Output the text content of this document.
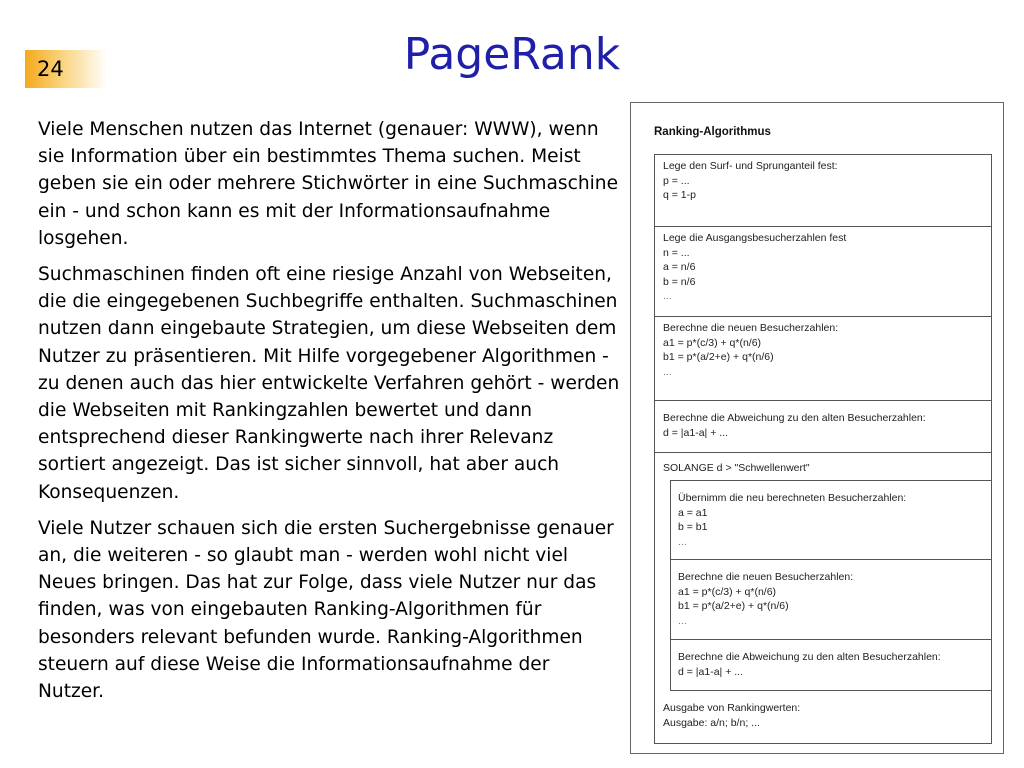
24	PageRank

Viele Menschen nutzen das Internet (genauer: WWW), wenn sie Information über ein bestimmtes Thema suchen. Meist geben sie ein oder mehrere Stichwörter in eine Suchmaschine ein - und schon kann es mit der Informationsaufnahme losgehen.

Suchmaschinen finden oft eine riesige Anzahl von Webseiten, die die eingegebenen Suchbegriffe enthalten. Suchmaschinen nutzen dann eingebaute Strategien, um diese Webseiten dem Nutzer zu präsentieren. Mit Hilfe vorgegebener Algorithmen - zu denen auch das hier entwickelte Verfahren gehört - werden die Webseiten mit Rankingzahlen bewertet und dann entsprechend dieser Rankingwerte nach ihrer Relevanz sortiert angezeigt. Das ist sicher sinnvoll, hat aber auch Konsequenzen.

Viele Nutzer schauen sich die ersten Suchergebnisse genauer an, die weiteren - so glaubt man - werden wohl nicht viel Neues bringen. Das hat zur Folge, dass viele Nutzer nur das finden, was von eingebauten Ranking-Algorithmen für besonders relevant befunden wurde. Ranking-Algorithmen steuern auf diese Weise die Informationsaufnahme der Nutzer.

Ranking-Algorithmus
Lege den Surf- und Sprunganteil fest:
p = ...
q = 1-p
Lege die Ausgangsbesucherzahlen fest
n = ...
a = n/6
b = n/6
...
Berechne die neuen Besucherzahlen:
a1 = p*(c/3) + q*(n/6)
b1 = p*(a/2+e) + q*(n/6)
...
Berechne die Abweichung zu den alten Besucherzahlen:
d = |a1-a| + ...
SOLANGE d > "Schwellenwert"
Übernimm die neu berechneten Besucherzahlen:
a = a1
b = b1
...
Berechne die neuen Besucherzahlen:
a1 = p*(c/3) + q*(n/6)
b1 = p*(a/2+e) + q*(n/6)
...
Berechne die Abweichung zu den alten Besucherzahlen:
d = |a1-a| + ...
Ausgabe von Rankingwerten:
Ausgabe: a/n; b/n; ...
